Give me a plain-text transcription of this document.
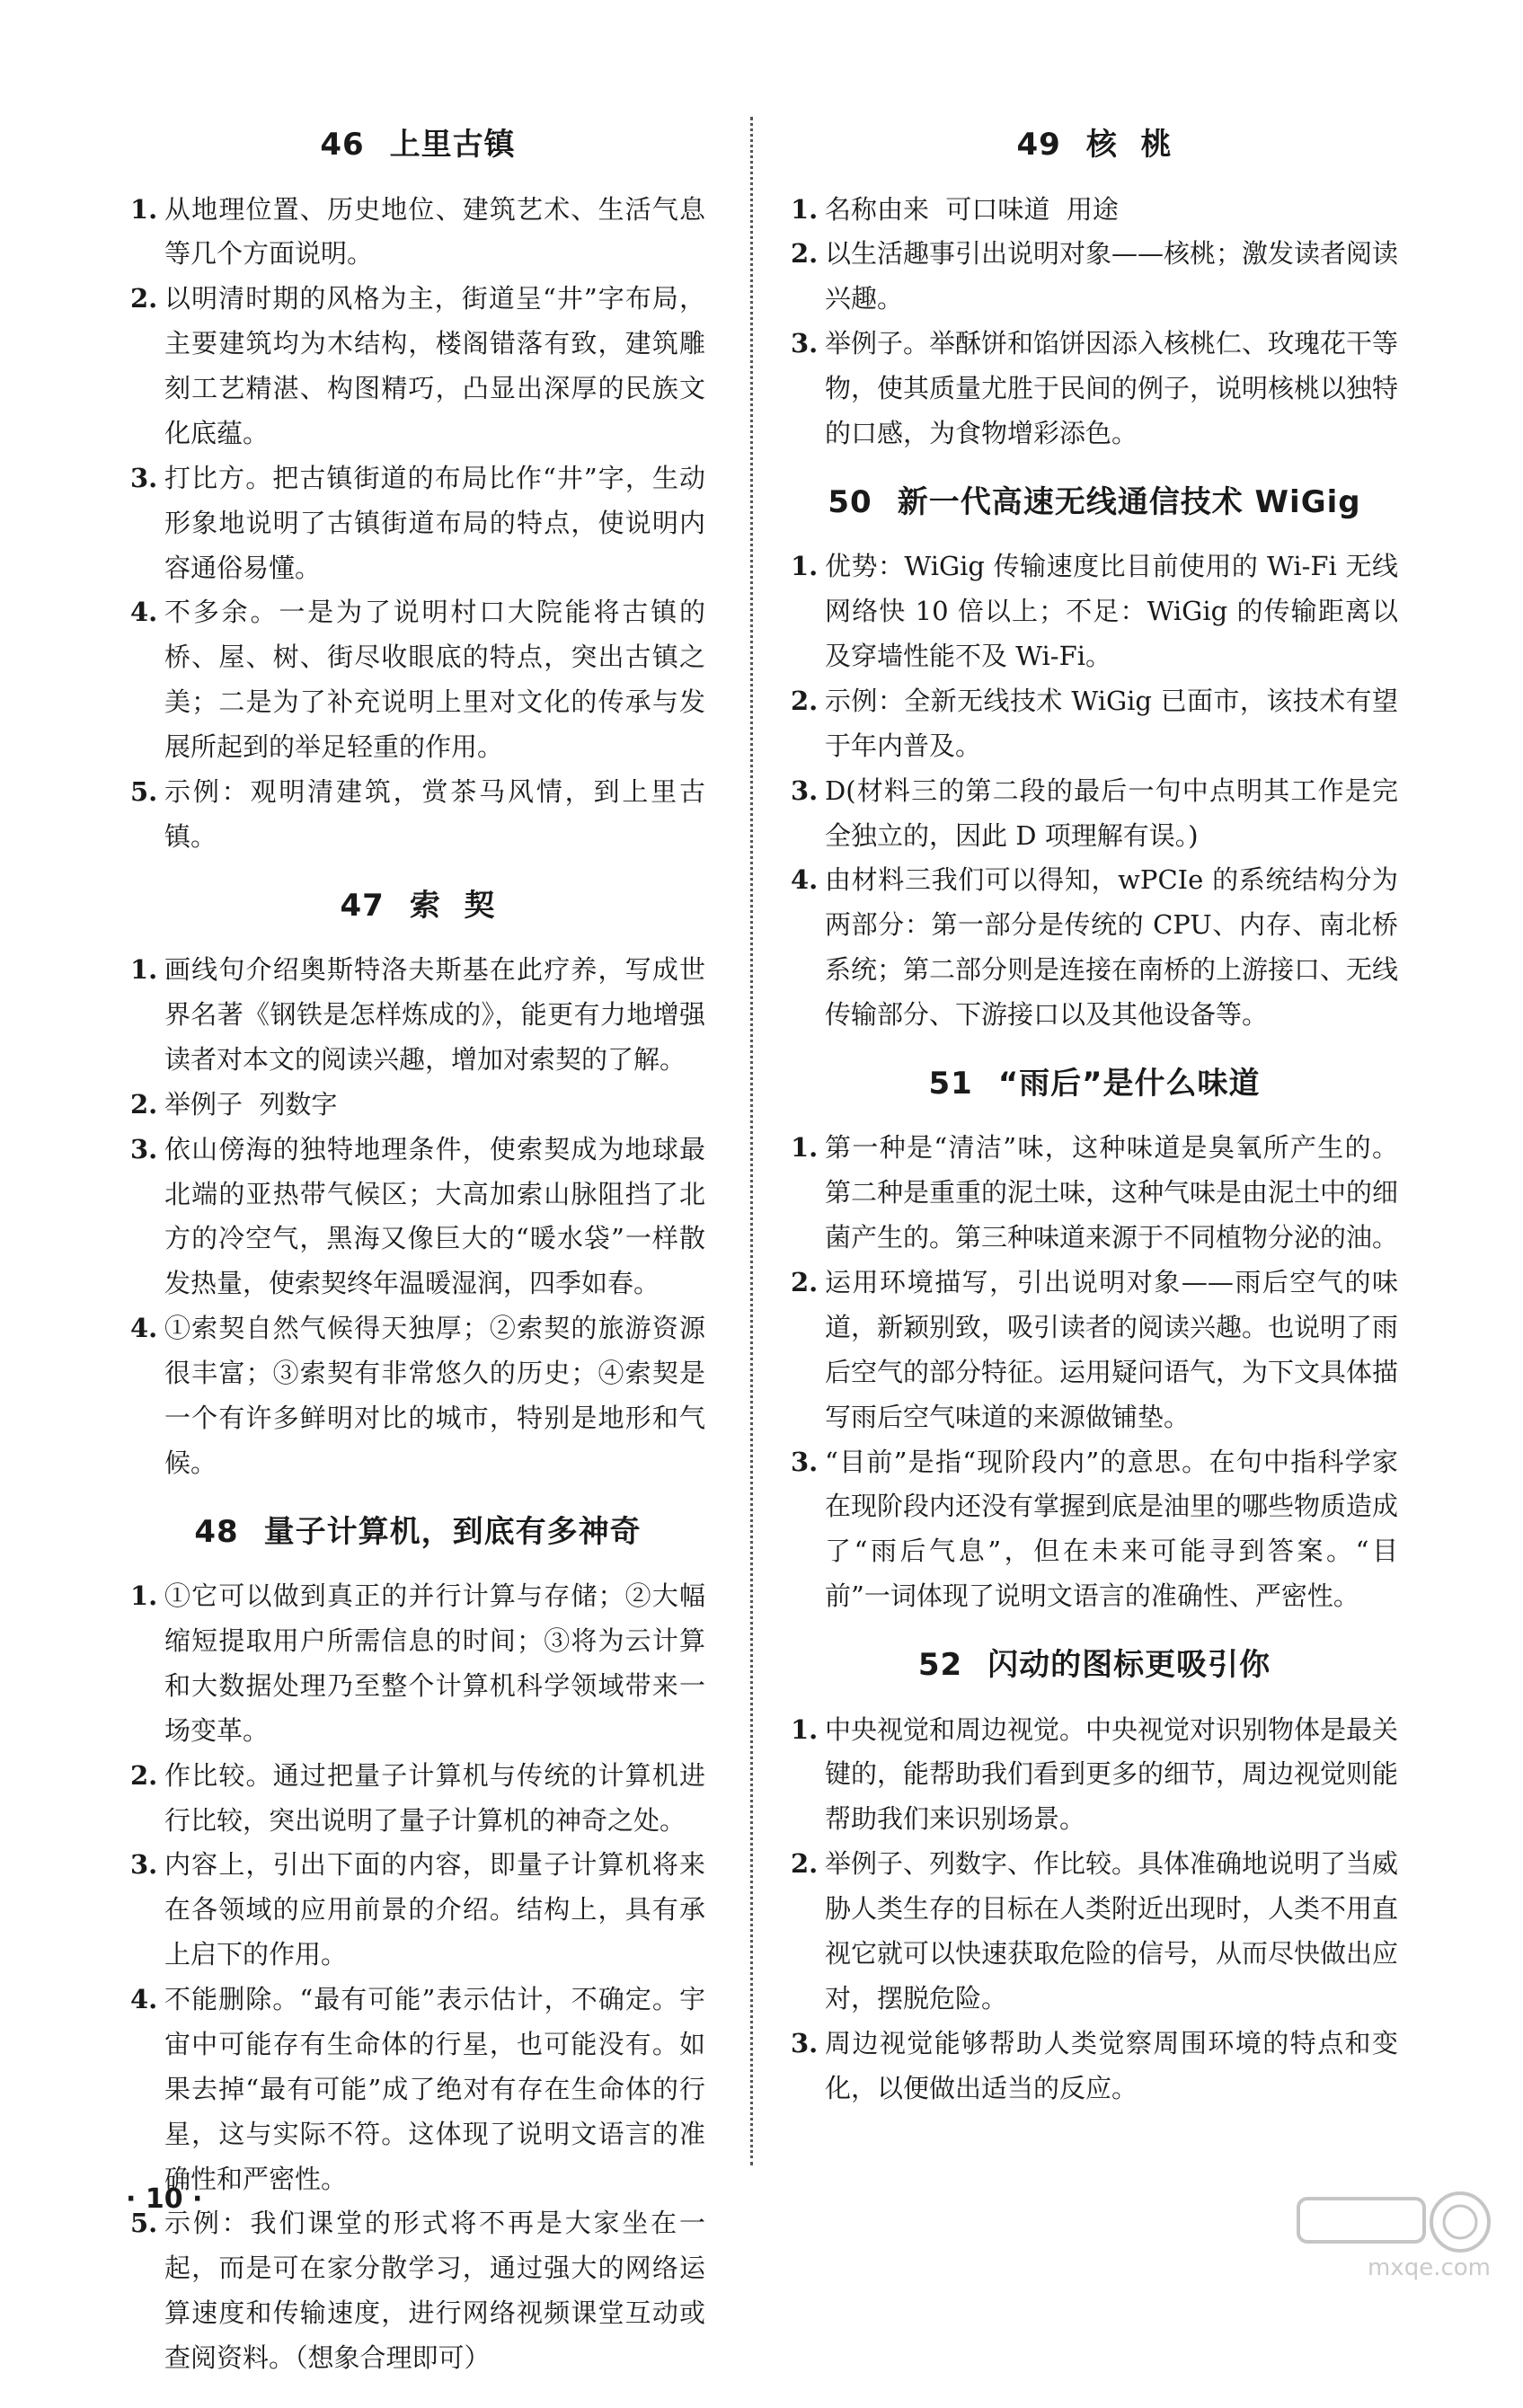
46 上里古镇
1. 从地理位置、历史地位、建筑艺术、生活气息等几个方面说明。
2. 以明清时期的风格为主，街道呈“井”字布局，主要建筑均为木结构，楼阁错落有致，建筑雕刻工艺精湛、构图精巧，凸显出深厚的民族文化底蕴。
3. 打比方。把古镇街道的布局比作“井”字，生动形象地说明了古镇街道布局的特点，使说明内容通俗易懂。
4. 不多余。一是为了说明村口大院能将古镇的桥、屋、树、街尽收眼底的特点，突出古镇之美；二是为了补充说明上里对文化的传承与发展所起到的举足轻重的作用。
5. 示例：观明清建筑，赏茶马风情，到上里古镇。
47 索  契
1. 画线句介绍奥斯特洛夫斯基在此疗养，写成世界名著《钢铁是怎样炼成的》，能更有力地增强读者对本文的阅读兴趣，增加对索契的了解。
2. 举例子  列数字
3. 依山傍海的独特地理条件，使索契成为地球最北端的亚热带气候区；大高加索山脉阻挡了北方的冷空气，黑海又像巨大的“暖水袋”一样散发热量，使索契终年温暖湿润，四季如春。
4. ①索契自然气候得天独厚；②索契的旅游资源很丰富；③索契有非常悠久的历史；④索契是一个有许多鲜明对比的城市，特别是地形和气候。
48 量子计算机，到底有多神奇
1. ①它可以做到真正的并行计算与存储；②大幅缩短提取用户所需信息的时间；③将为云计算和大数据处理乃至整个计算机科学领域带来一场变革。
2. 作比较。通过把量子计算机与传统的计算机进行比较，突出说明了量子计算机的神奇之处。
3. 内容上，引出下面的内容，即量子计算机将来在各领域的应用前景的介绍。结构上，具有承上启下的作用。
4. 不能删除。“最有可能”表示估计，不确定。宇宙中可能存有生命体的行星，也可能没有。如果去掉“最有可能”成了绝对有存在生命体的行星，这与实际不符。这体现了说明文语言的准确性和严密性。
5. 示例：我们课堂的形式将不再是大家坐在一起，而是可在家分散学习，通过强大的网络运算速度和传输速度，进行网络视频课堂互动或查阅资料。（想象合理即可）
49 核  桃
1. 名称由来  可口味道  用途
2. 以生活趣事引出说明对象——核桃；激发读者阅读兴趣。
3. 举例子。举酥饼和馅饼因添入核桃仁、玫瑰花干等物，使其质量尤胜于民间的例子，说明核桃以独特的口感，为食物增彩添色。
50 新一代高速无线通信技术 WiGig
1. 优势：WiGig 传输速度比目前使用的 Wi-Fi 无线网络快 10 倍以上；不足：WiGig 的传输距离以及穿墙性能不及 Wi-Fi。
2. 示例：全新无线技术 WiGig 已面市，该技术有望于年内普及。
3. D(材料三的第二段的最后一句中点明其工作是完全独立的，因此 D 项理解有误。)
4. 由材料三我们可以得知，wPCIe 的系统结构分为两部分：第一部分是传统的 CPU、内存、南北桥系统；第二部分则是连接在南桥的上游接口、无线传输部分、下游接口以及其他设备等。
51 “雨后”是什么味道
1. 第一种是“清洁”味，这种味道是臭氧所产生的。第二种是重重的泥土味，这种气味是由泥土中的细菌产生的。第三种味道来源于不同植物分泌的油。
2. 运用环境描写，引出说明对象——雨后空气的味道，新颖别致，吸引读者的阅读兴趣。也说明了雨后空气的部分特征。运用疑问语气，为下文具体描写雨后空气味道的来源做铺垫。
3. “目前”是指“现阶段内”的意思。在句中指科学家在现阶段内还没有掌握到底是油里的哪些物质造成了“雨后气息”，但在未来可能寻到答案。“目前”一词体现了说明文语言的准确性、严密性。
52 闪动的图标更吸引你
1. 中央视觉和周边视觉。中央视觉对识别物体是最关键的，能帮助我们看到更多的细节，周边视觉则能帮助我们来识别场景。
2. 举例子、列数字、作比较。具体准确地说明了当威胁人类生存的目标在人类附近出现时，人类不用直视它就可以快速获取危险的信号，从而尽快做出应对，摆脱危险。
3. 周边视觉能够帮助人类觉察周围环境的特点和变化，以便做出适当的反应。
· 10 ·
mxqe.com
